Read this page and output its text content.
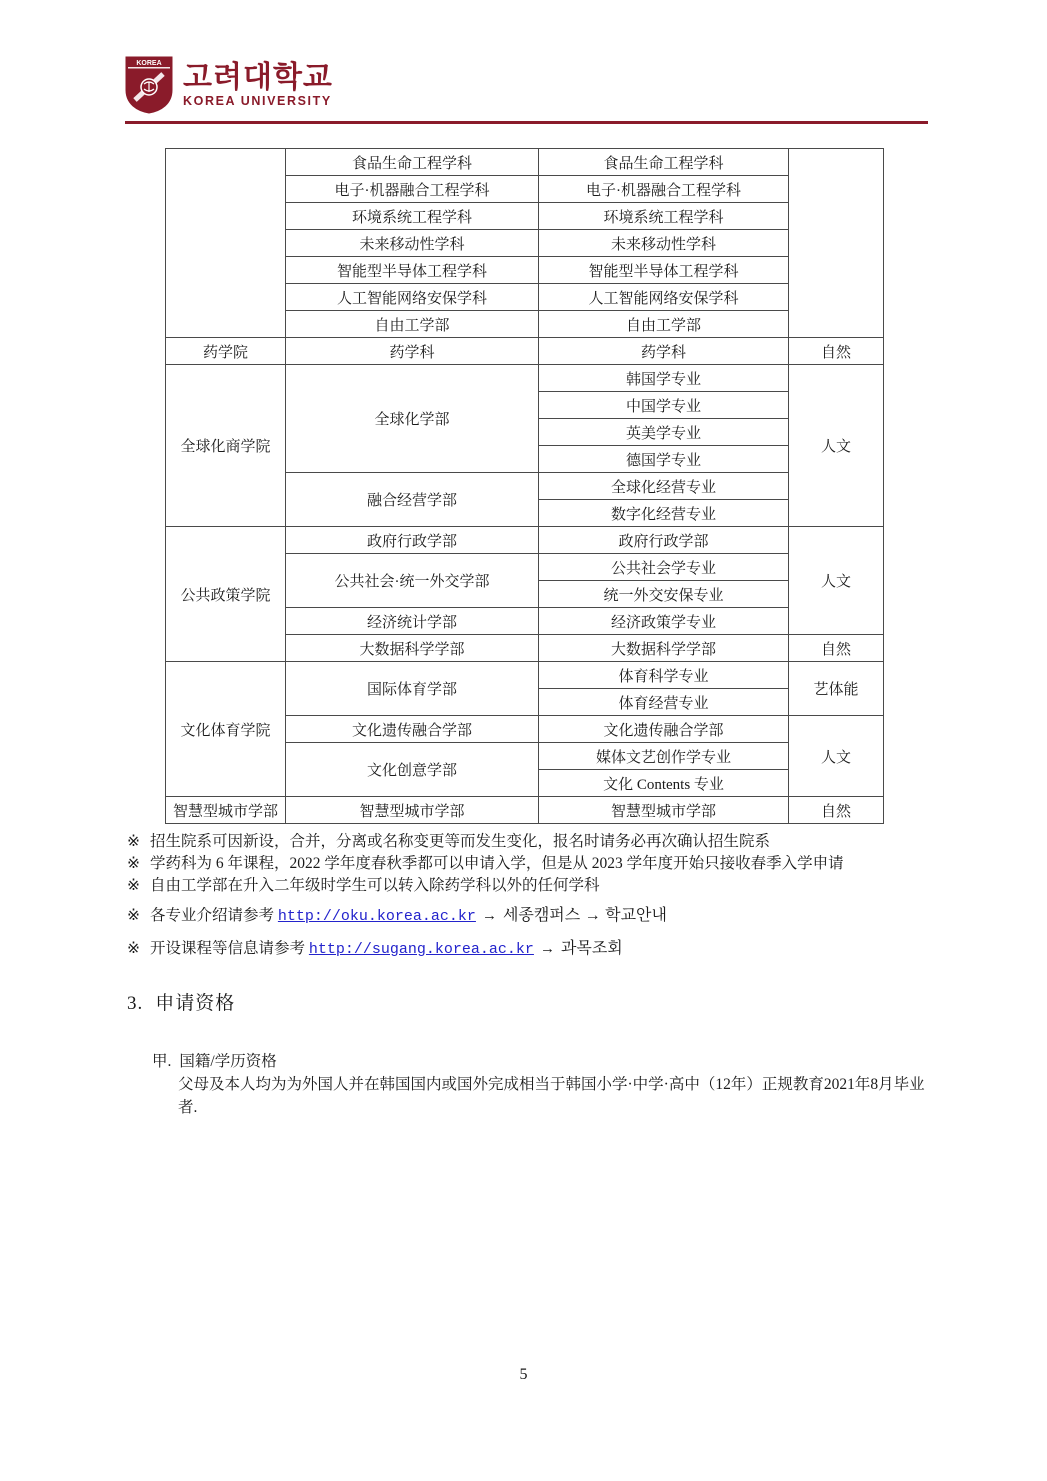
KOREA 고려대학교
KOREA UNIVERSITY
	食品生命工程学科	食品生命工程学科	
	电子·机器融合工程学科	电子·机器融合工程学科	
	环境系统工程学科	环境系统工程学科	
	未来移动性学科	未来移动性学科	
	智能型半导体工程学科	智能型半导体工程学科	
	人工智能网络安保学科	人工智能网络安保学科	
	自由工学部	自由工学部	
药学院	药学科	药学科	自然
全球化商学院	全球化学部	韩国学专业	人文
		中国学专业	
		英美学专业	
		德国学专业	
	融合经营学部	全球化经营专业	
		数字化经营专业	
公共政策学院	政府行政学部	政府行政学部	人文
	公共社会·统一外交学部	公共社会学专业	
		统一外交安保专业	
	经济统计学部	经济政策学专业	
	大数据科学学部	大数据科学学部	自然
文化体育学院	国际体育学部	体育科学专业	艺体能
		体育经营专业	
	文化遗传融合学部	文化遗传融合学部	人文
	文化创意学部	媒体文艺创作学专业	
		文化 Contents 专业	
智慧型城市学部	智慧型城市学部	智慧型城市学部	自然
※ 招生院系可因新设，合并，分离或名称变更等而发生变化，报名时请务必再次确认招生院系
※ 学药科为 6 年课程，2022 学年度春秋季都可以申请入学，但是从 2023 学年度开始只接收春季入学申请
※ 自由工学部在升入二年级时学生可以转入除药学科以外的任何学科
※ 各专业介绍请参考 http://oku.korea.ac.kr → 세종캠퍼스 → 학교안내
※ 开设课程等信息请参考 http://sugang.korea.ac.kr → 과목조회
3. 申请资格
甲. 国籍/学历资格
父母及本人均为为外国人并在韩国国内或国外完成相当于韩国小学·中学·高中（12年）正规教育2021年8月毕业者.
5
